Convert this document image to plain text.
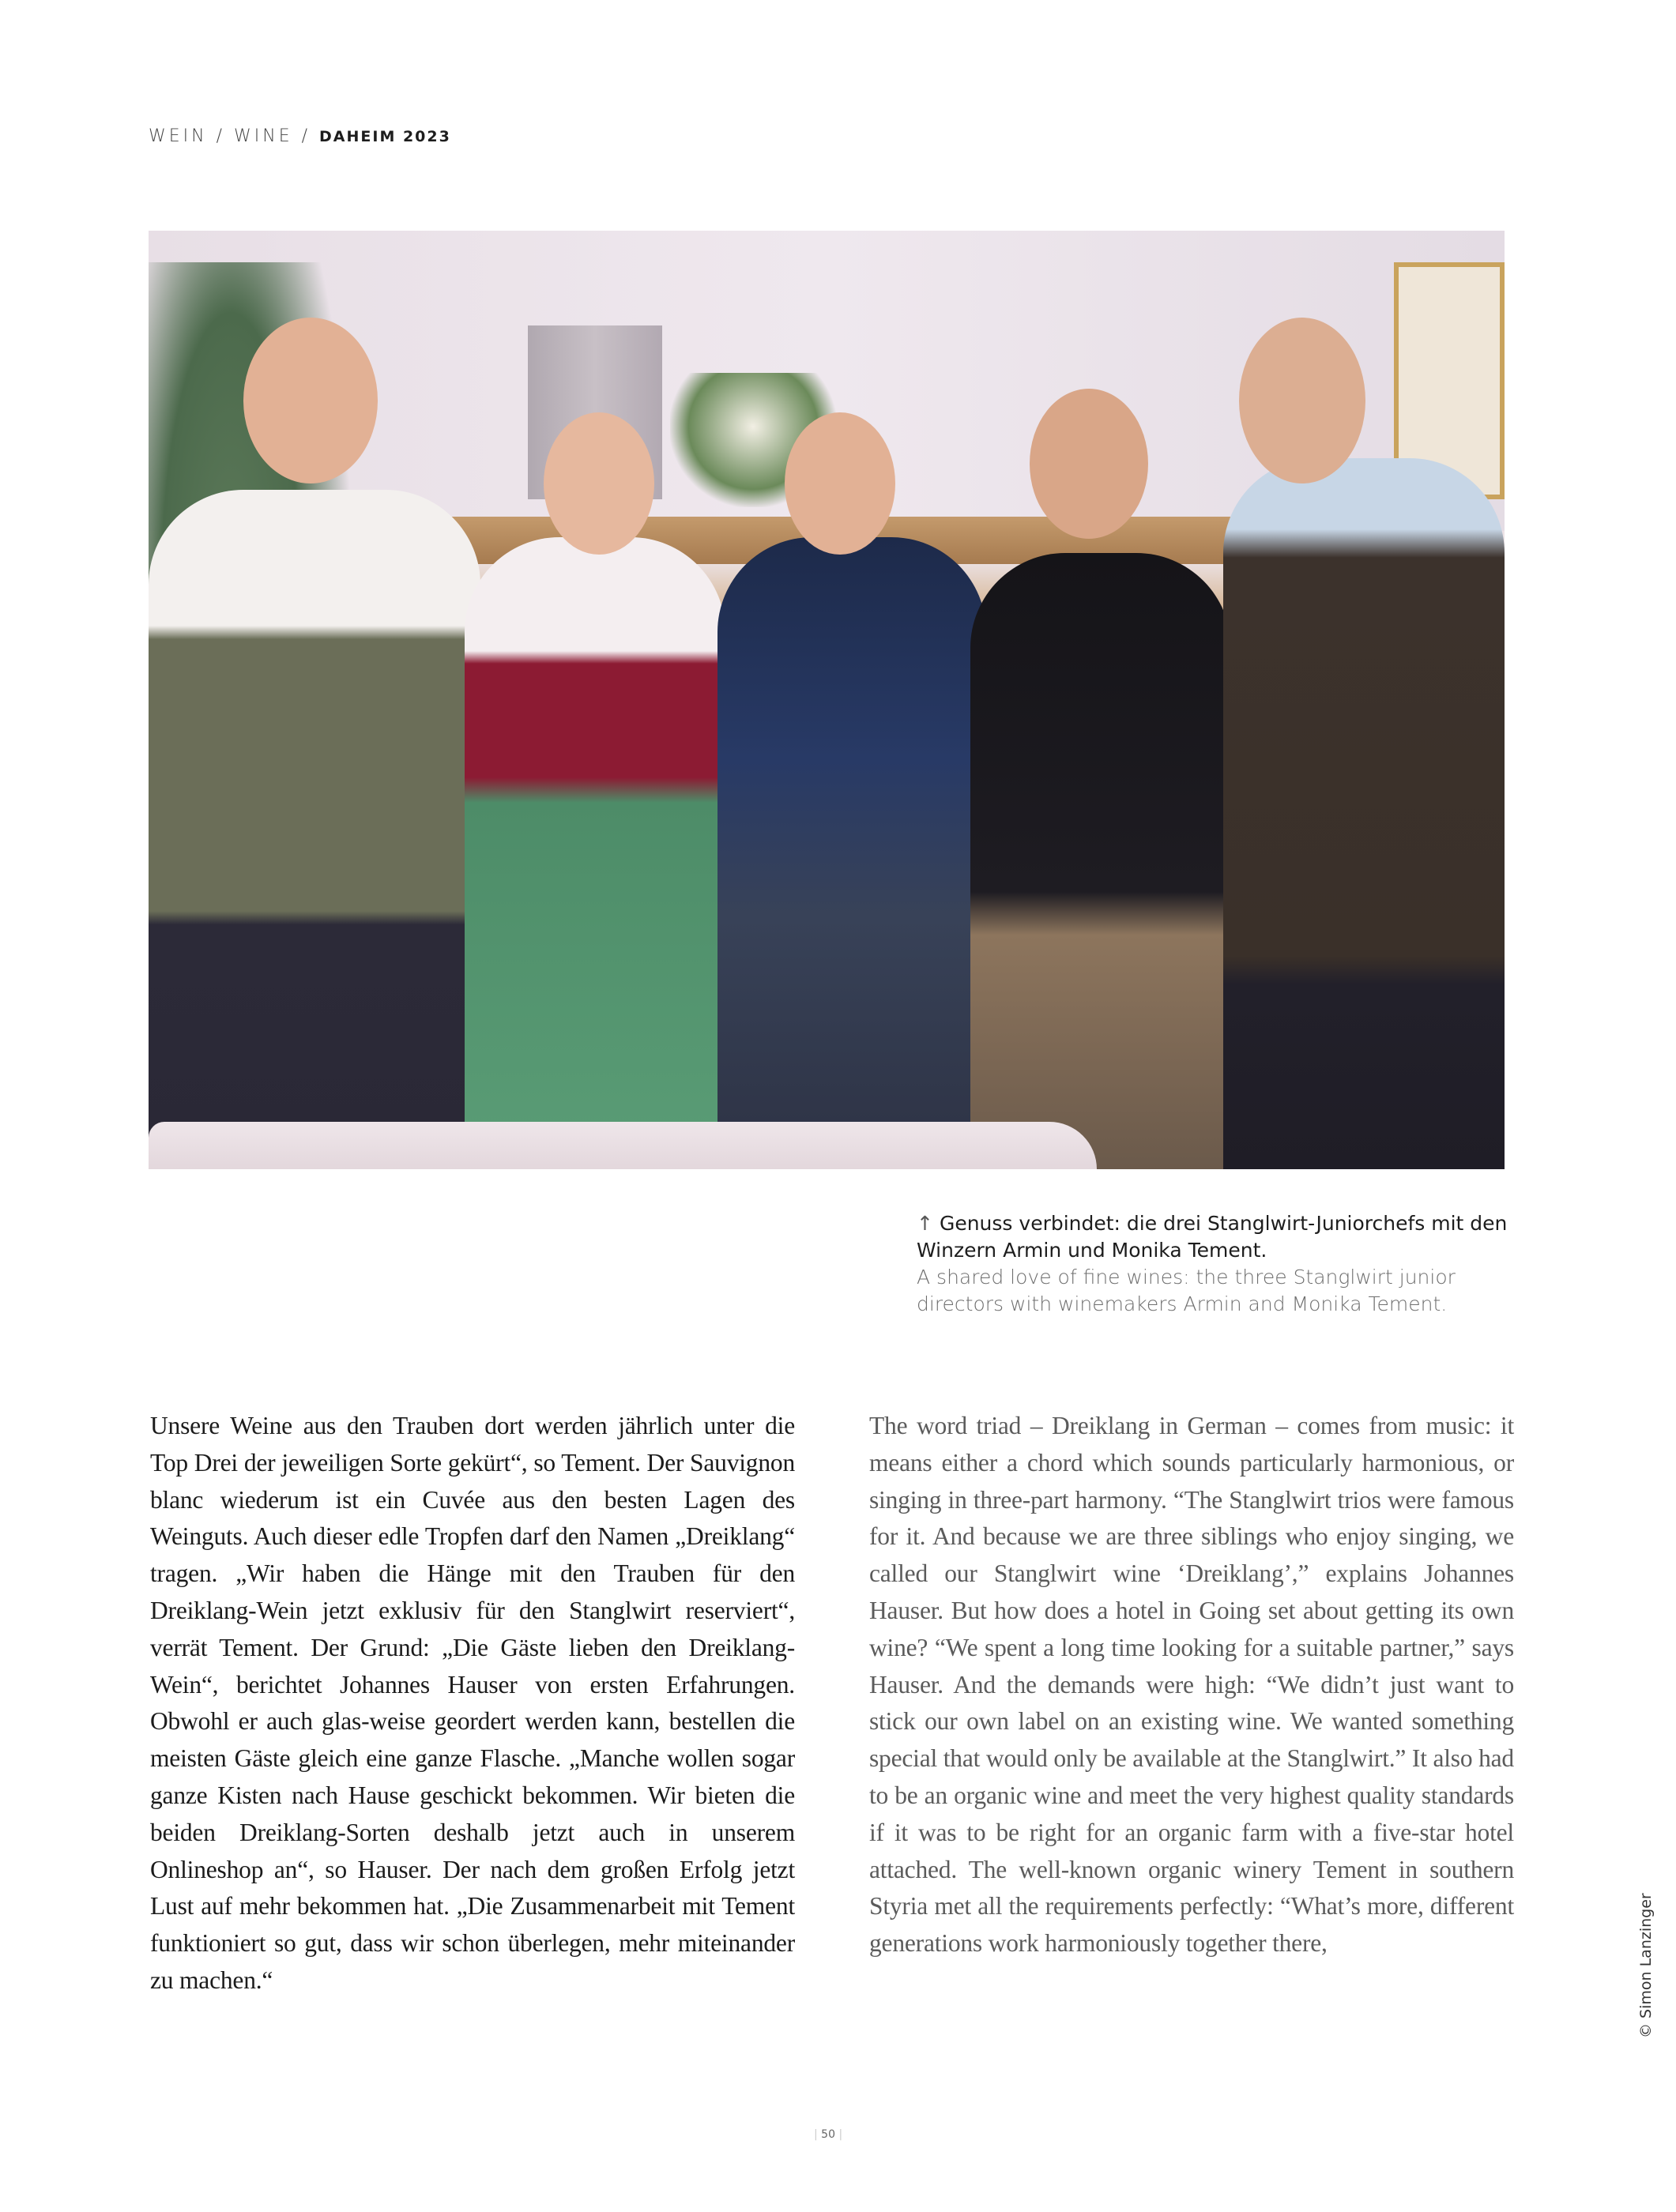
WEIN / WINE / DAHEIM 2023
↑ Genuss verbindet: die drei Stanglwirt-Juniorchefs mit den Winzern Armin und Monika Tement.
A shared love of fine wines: the three Stanglwirt junior directors with winemakers Armin and Monika Tement.
Unsere Weine aus den Trauben dort werden jährlich unter die Top Drei der jeweiligen Sorte gekürt“, so Tement. Der Sauvignon blanc wiederum ist ein Cuvée aus den besten Lagen des Weinguts. Auch dieser edle Tropfen darf den Namen „Dreiklang“ tragen. „Wir haben die Hänge mit den Trauben für den Dreiklang-Wein jetzt exklusiv für den Stanglwirt reserviert“, verrät Tement. Der Grund: „Die Gäste lieben den Dreiklang-Wein“, berichtet Johannes Hauser von ersten Erfahrungen. Obwohl er auch glas-weise geordert werden kann, bestellen die meisten Gäste gleich eine ganze Flasche. „Manche wollen sogar ganze Kisten nach Hause geschickt bekommen. Wir bieten die beiden Dreiklang-Sorten deshalb jetzt auch in unserem Onlineshop an“, so Hauser. Der nach dem großen Erfolg jetzt Lust auf mehr bekommen hat. „Die Zusammenarbeit mit Tement funktioniert so gut, dass wir schon überlegen, mehr miteinander zu machen.“
The word triad – Dreiklang in German – comes from music: it means either a chord which sounds particularly harmonious, or singing in three-part harmony. “The Stanglwirt trios were famous for it. And because we are three siblings who enjoy singing, we called our Stanglwirt wine ‘Dreiklang’,” explains Johannes Hauser. But how does a hotel in Going set about getting its own wine? “We spent a long time looking for a suitable partner,” says Hauser. And the demands were high: “We didn’t just want to stick our own label on an existing wine. We wanted something special that would only be available at the Stanglwirt.” It also had to be an organic wine and meet the very highest quality standards if it was to be right for an organic farm with a five-star hotel attached. The well-known organic winery Tement in southern Styria met all the requirements perfectly: “What’s more, different generations work harmoniously together there,	© Simon Lanzinger
| 50 |
